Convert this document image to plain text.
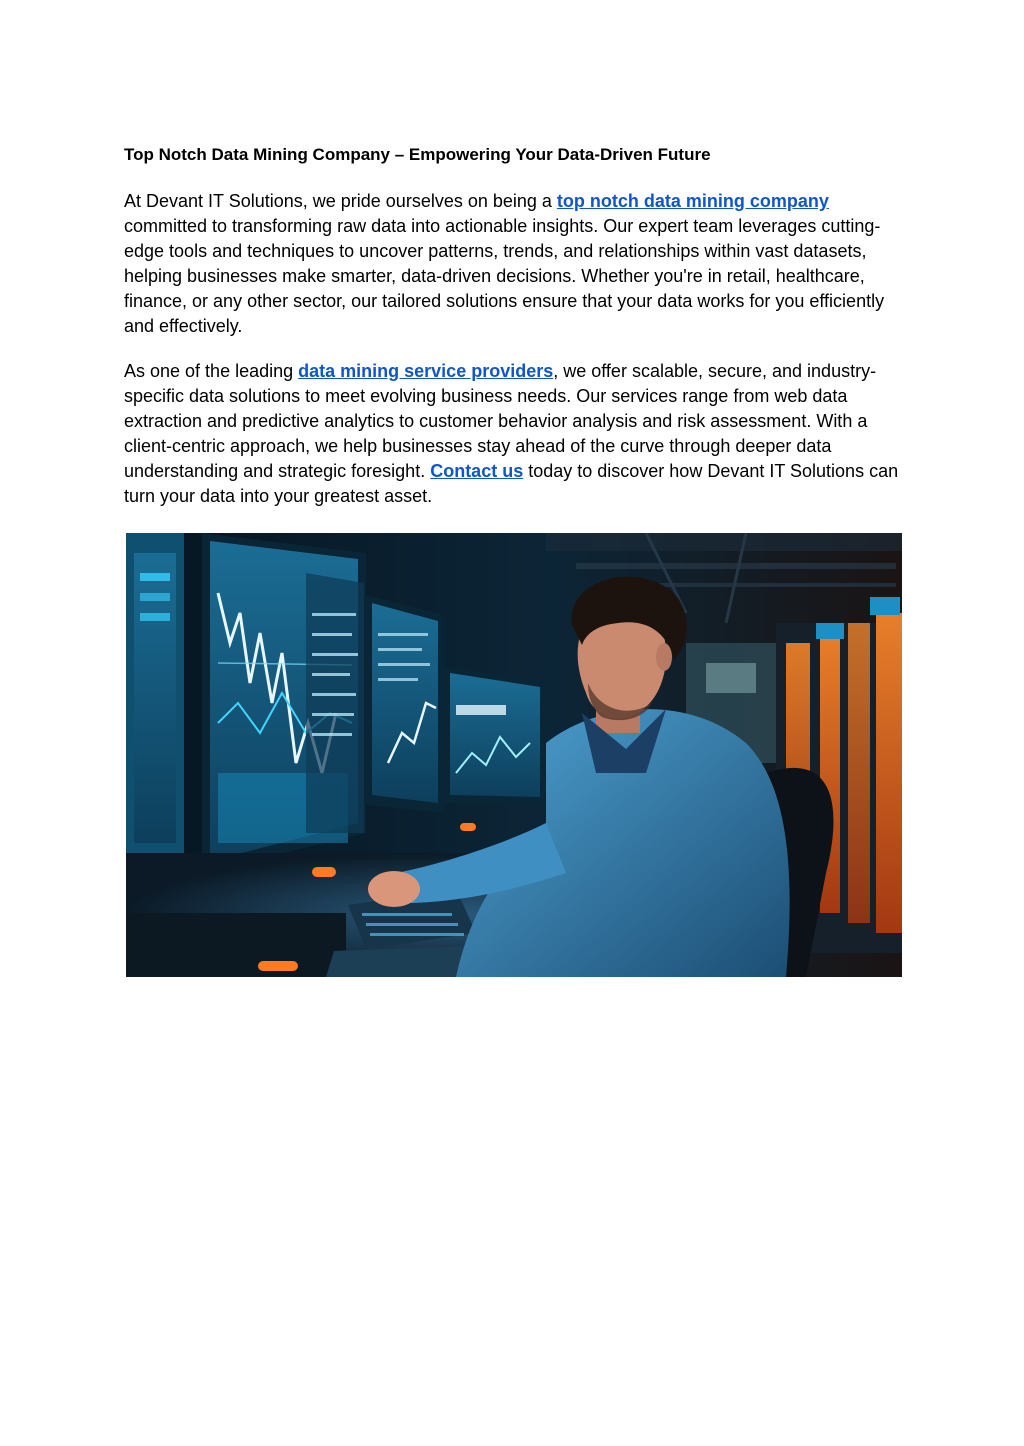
Top Notch Data Mining Company – Empowering Your Data-Driven Future

At Devant IT Solutions, we pride ourselves on being a top notch data mining company committed to transforming raw data into actionable insights. Our expert team leverages cutting-edge tools and techniques to uncover patterns, trends, and relationships within vast datasets, helping businesses make smarter, data-driven decisions. Whether you're in retail, healthcare, finance, or any other sector, our tailored solutions ensure that your data works for you efficiently and effectively.

As one of the leading data mining service providers, we offer scalable, secure, and industry-specific data solutions to meet evolving business needs. Our services range from web data extraction and predictive analytics to customer behavior analysis and risk assessment. With a client-centric approach, we help businesses stay ahead of the curve through deeper data understanding and strategic foresight. Contact us today to discover how Devant IT Solutions can turn your data into your greatest asset.
